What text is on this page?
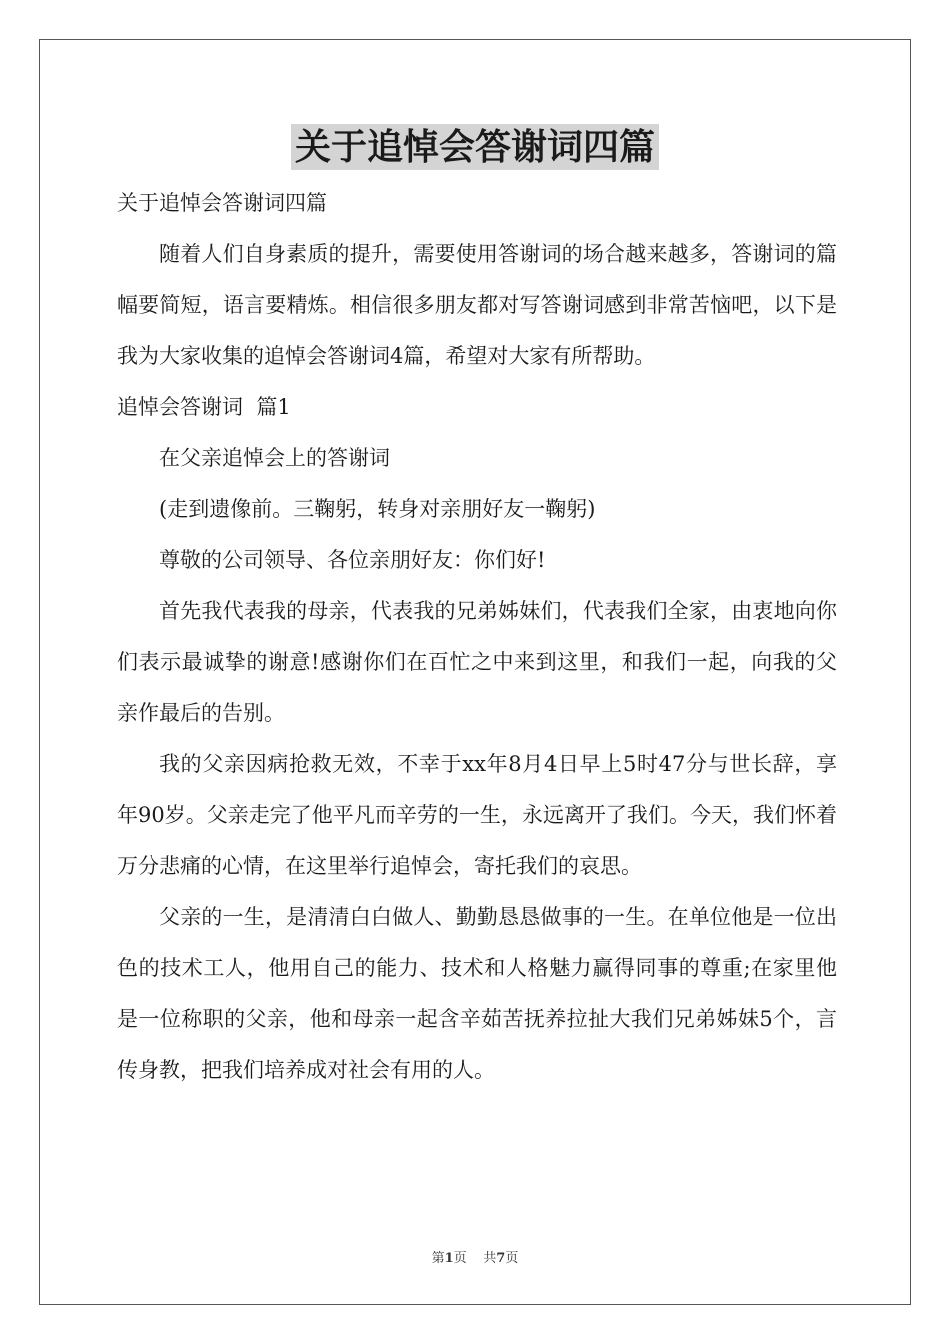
关于追悼会答谢词四篇

关于追悼会答谢词四篇

随着人们自身素质的提升，需要使用答谢词的场合越来越多，答谢词的篇幅要简短，语言要精炼。相信很多朋友都对写答谢词感到非常苦恼吧，以下是我为大家收集的追悼会答谢词4篇，希望对大家有所帮助。

追悼会答谢词  篇1

在父亲追悼会上的答谢词

(走到遗像前。三鞠躬，转身对亲朋好友一鞠躬)

尊敬的公司领导、各位亲朋好友：你们好!

首先我代表我的母亲，代表我的兄弟姊妹们，代表我们全家，由衷地向你们表示最诚挚的谢意!感谢你们在百忙之中来到这里，和我们一起，向我的父亲作最后的告别。

我的父亲因病抢救无效，不幸于xx年8月4日早上5时47分与世长辞，享年90岁。父亲走完了他平凡而辛劳的一生，永远离开了我们。今天，我们怀着万分悲痛的心情，在这里举行追悼会，寄托我们的哀思。

父亲的一生，是清清白白做人、勤勤恳恳做事的一生。在单位他是一位出色的技术工人，他用自己的能力、技术和人格魅力赢得同事的尊重;在家里他是一位称职的父亲，他和母亲一起含辛茹苦抚养拉扯大我们兄弟姊妹5个，言传身教，把我们培养成对社会有用的人。

第1页 共7页
